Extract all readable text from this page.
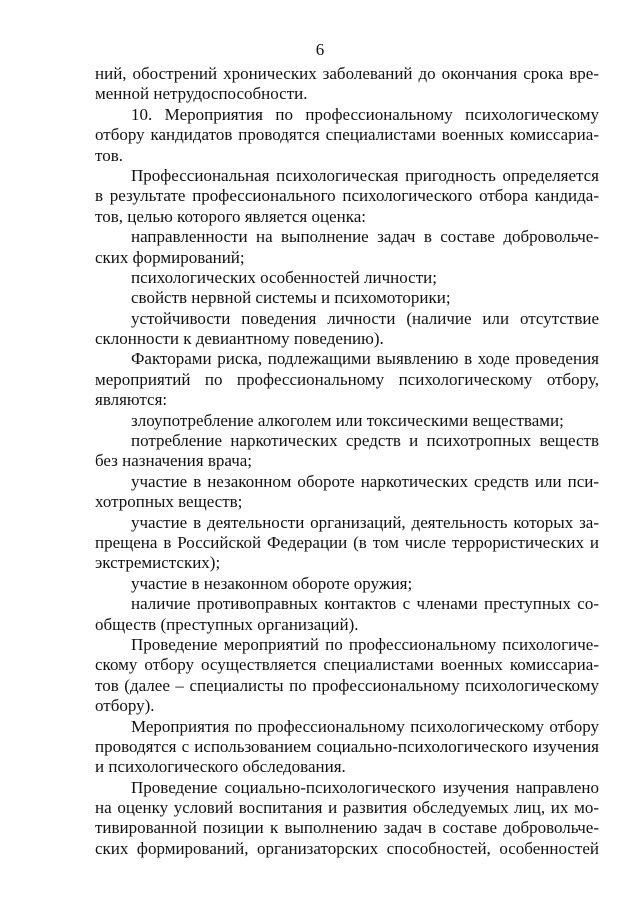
6
ний, обострений хронических заболеваний до окончания срока вре-
менной нетрудоспособности.
10. Мероприятия по профессиональному психологическому
отбору кандидатов проводятся специалистами военных комиссариа-
тов.
Профессиональная психологическая пригодность определяется
в результате профессионального психологического отбора кандида-
тов, целью которого является оценка:
направленности на выполнение задач в составе добровольче-
ских формирований;
психологических особенностей личности;
свойств нервной системы и психомоторики;
устойчивости поведения личности (наличие или отсутствие
склонности к девиантному поведению).
Факторами риска, подлежащими выявлению в ходе проведения
мероприятий по профессиональному психологическому отбору,
являются:
злоупотребление алкоголем или токсическими веществами;
потребление наркотических средств и психотропных веществ
без назначения врача;
участие в незаконном обороте наркотических средств или пси-
хотропных веществ;
участие в деятельности организаций, деятельность которых за-
прещена в Российской Федерации (в том числе террористических и
экстремистских);
участие в незаконном обороте оружия;
наличие противоправных контактов с членами преступных со-
обществ (преступных организаций).
Проведение мероприятий по профессиональному психологиче-
скому отбору осуществляется специалистами военных комиссариа-
тов (далее – специалисты по профессиональному психологическому
отбору).
Мероприятия по профессиональному психологическому отбору
проводятся с использованием социально-психологического изучения
и психологического обследования.
Проведение социально-психологического изучения направлено
на оценку условий воспитания и развития обследуемых лиц, их мо-
тивированной позиции к выполнению задач в составе добровольче-
ских формирований, организаторских способностей, особенностей
